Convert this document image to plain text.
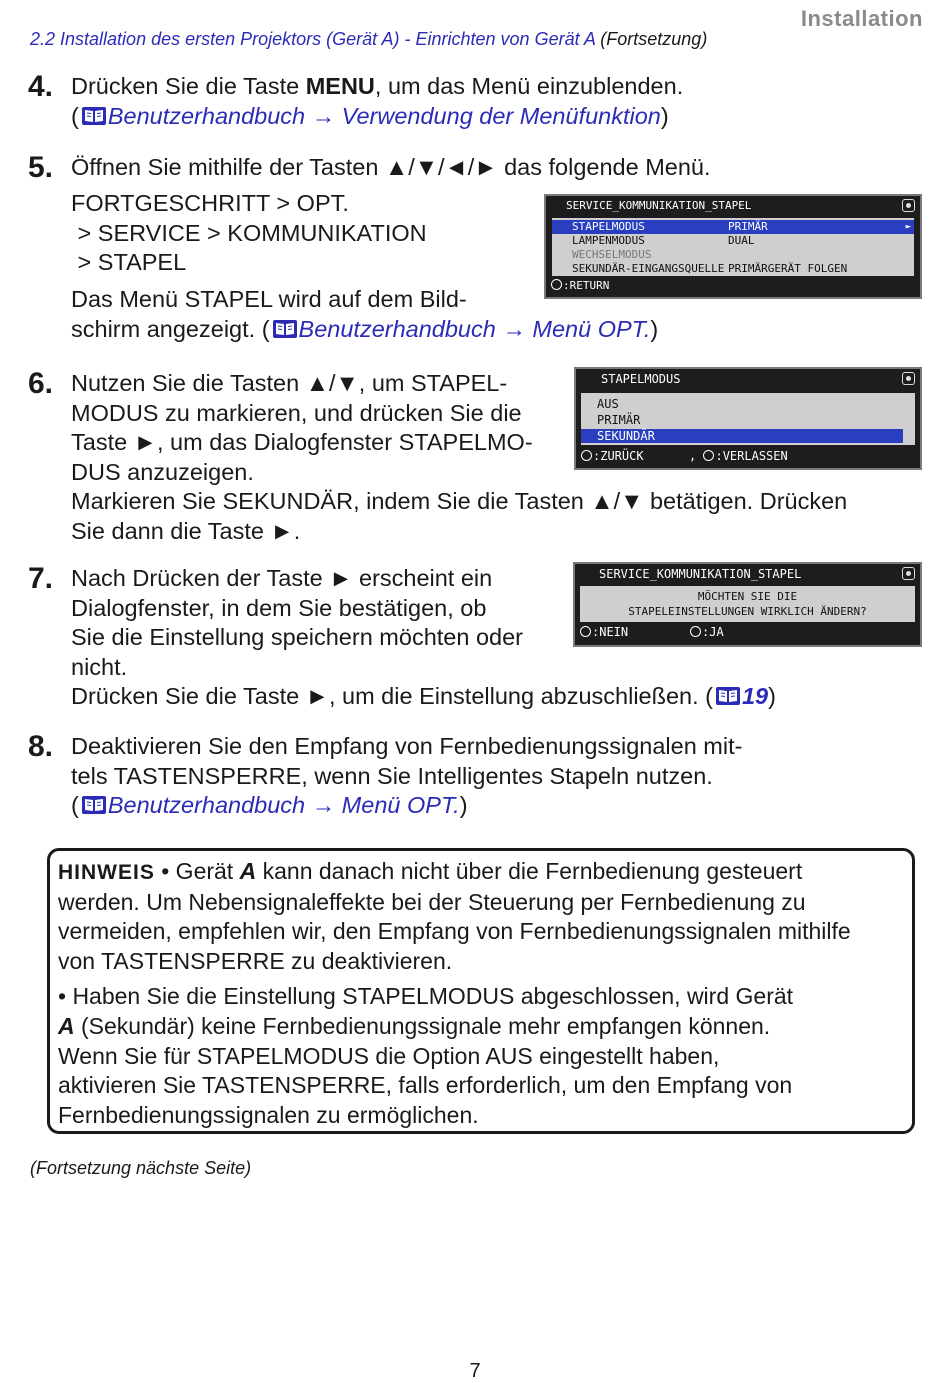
2.2 Installation des ersten Projektors (Gerät A) - Einrichten von Gerät A (Fortsetzung)
Installation
4. Drücken Sie die Taste MENU, um das Menü einzublenden.
( Benutzerhandbuch → Verwendung der Menüfunktion)
5. Öffnen Sie mithilfe der Tasten ▲/▼/◄/► das folgende Menü.
FORTGESCHRITT > OPT.
> SERVICE > KOMMUNIKATION
> STAPEL
Das Menü STAPEL wird auf dem Bild-
schirm angezeigt. ( Benutzerhandbuch → Menü OPT.)
SERVICE_KOMMUNIKATION_STAPEL
STAPELMODUS	PRIMÄR	►
LAMPENMODUS	DUAL
WECHSELMODUS
SEKUNDÄR-EINGANGSQUELLE PRIMÄRGERÄT FOLGEN
:RETURN
6. Nutzen Sie die Tasten ▲/▼, um STAPEL-
MODUS zu markieren, und drücken Sie die
Taste ►, um das Dialogfenster STAPELMO-
DUS anzuzeigen.
Markieren Sie SEKUNDÄR, indem Sie die Tasten ▲/▼ betätigen. Drücken
Sie dann die Taste ►.
STAPELMODUS
AUS
PRIMÄR
SEKUNDÄR
:ZURÜCK	, :VERLASSEN
7. Nach Drücken der Taste ► erscheint ein
Dialogfenster, in dem Sie bestätigen, ob
Sie die Einstellung speichern möchten oder
nicht.
Drücken Sie die Taste ►, um die Einstellung abzuschließen. ( 19)
SERVICE_KOMMUNIKATION_STAPEL
MÖCHTEN SIE DIE
STAPELEINSTELLUNGEN WIRKLICH ÄNDERN?
:NEIN	:JA
8. Deaktivieren Sie den Empfang von Fernbedienungssignalen mit-
tels TASTENSPERRE, wenn Sie Intelligentes Stapeln nutzen.
( Benutzerhandbuch → Menü OPT.)
HINWEIS • Gerät A kann danach nicht über die Fernbedienung gesteuert
werden. Um Nebensignaleffekte bei der Steuerung per Fernbedienung zu
vermeiden, empfehlen wir, den Empfang von Fernbedienungssignalen mithilfe
von TASTENSPERRE zu deaktivieren.
• Haben Sie die Einstellung STAPELMODUS abgeschlossen, wird Gerät
A (Sekundär) keine Fernbedienungssignale mehr empfangen können.
Wenn Sie für STAPELMODUS die Option AUS eingestellt haben,
aktivieren Sie TASTENSPERRE, falls erforderlich, um den Empfang von
Fernbedienungssignalen zu ermöglichen.
(Fortsetzung nächste Seite)
7
